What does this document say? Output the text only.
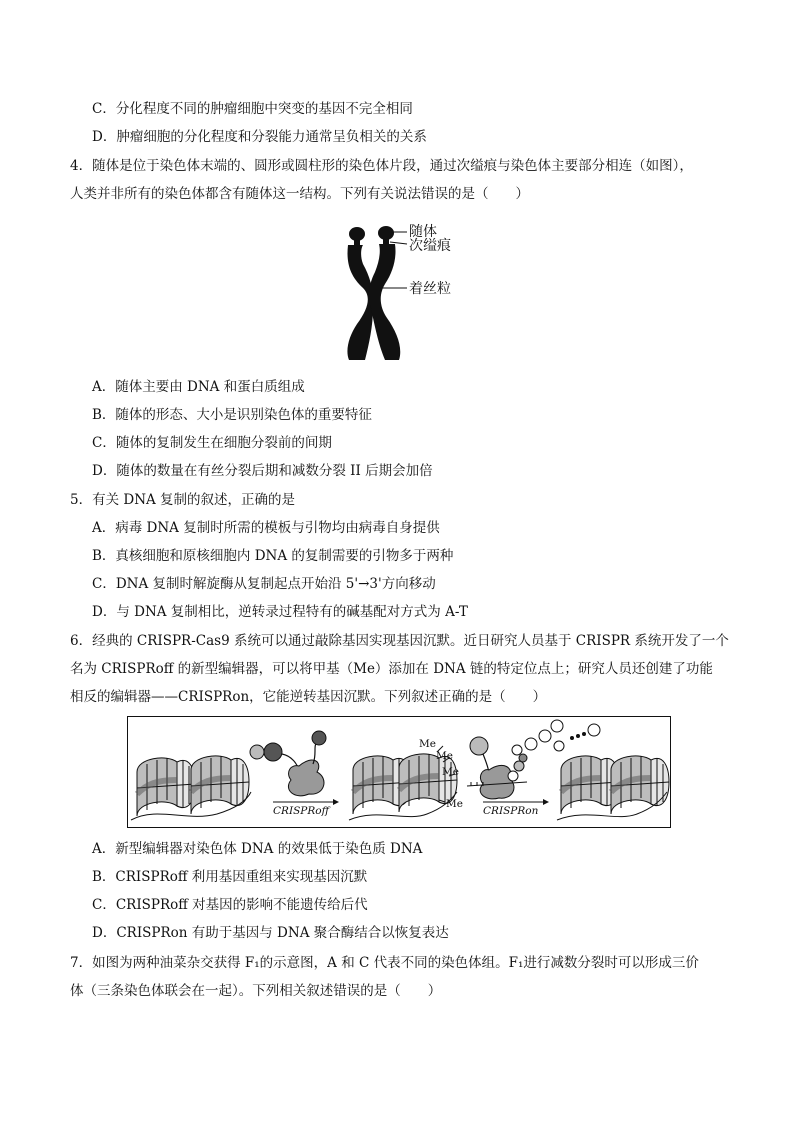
C．分化程度不同的肿瘤细胞中突变的基因不完全相同
D．肿瘤细胞的分化程度和分裂能力通常呈负相关的关系
4．随体是位于染色体末端的、圆形或圆柱形的染色体片段，通过次缢痕与染色体主要部分相连（如图），
人类并非所有的染色体都含有随体这一结构。下列有关说法错误的是（　　）
随体
次缢痕
着丝粒
A．随体主要由 DNA 和蛋白质组成
B．随体的形态、大小是识别染色体的重要特征
C．随体的复制发生在细胞分裂前的间期
D．随体的数量在有丝分裂后期和减数分裂 II 后期会加倍
5．有关 DNA 复制的叙述，正确的是
A．病毒 DNA 复制时所需的模板与引物均由病毒自身提供
B．真核细胞和原核细胞内 DNA 的复制需要的引物多于两种
C．DNA 复制时解旋酶从复制起点开始沿 5'→3'方向移动
D．与 DNA 复制相比，逆转录过程特有的碱基配对方式为 A-T
6．经典的 CRISPR-Cas9 系统可以通过敲除基因实现基因沉默。近日研究人员基于 CRISPR 系统开发了一个
名为 CRISPRoff 的新型编辑器，可以将甲基（Me）添加在 DNA 链的特定位点上；研究人员还创建了功能
相反的编辑器——CRISPRon，它能逆转基因沉默。下列叙述正确的是（　　）
CRISPRoff
Me
Me
Me
Me
CRISPRon
A．新型编辑器对染色体 DNA 的效果低于染色质 DNA
B．CRISPRoff 利用基因重组来实现基因沉默
C．CRISPRoff 对基因的影响不能遗传给后代
D．CRISPRon 有助于基因与 DNA 聚合酶结合以恢复表达
7．如图为两种油菜杂交获得 F₁的示意图，A 和 C 代表不同的染色体组。F₁进行减数分裂时可以形成三价
体（三条染色体联会在一起）。下列相关叙述错误的是（　　）
